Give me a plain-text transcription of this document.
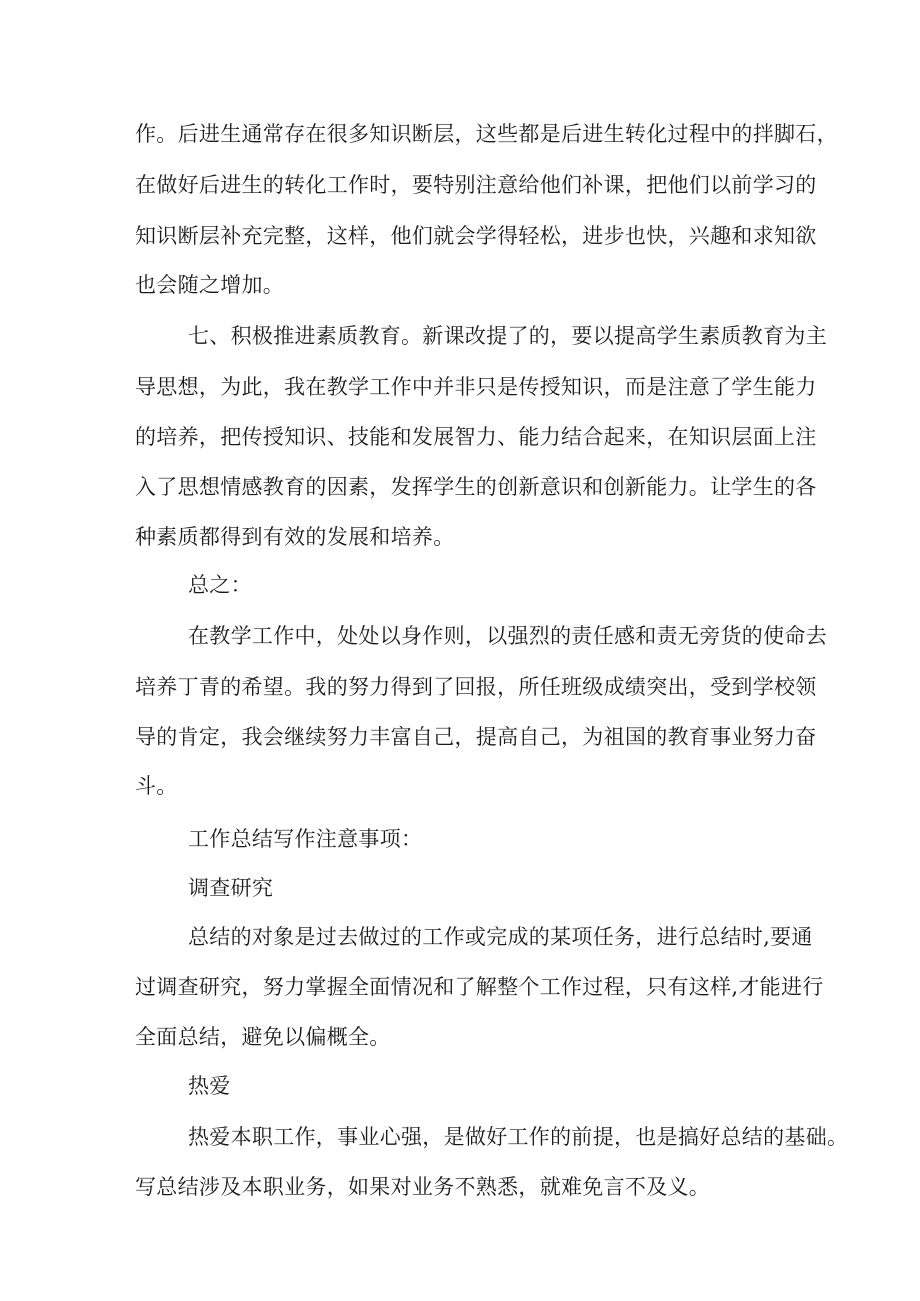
作。后进生通常存在很多知识断层，这些都是后进生转化过程中的拌脚石，

在做好后进生的转化工作时，要特别注意给他们补课，把他们以前学习的

知识断层补充完整，这样，他们就会学得轻松，进步也快，兴趣和求知欲

也会随之增加。

七、积极推进素质教育。新课改提了的，要以提高学生素质教育为主

导思想，为此，我在教学工作中并非只是传授知识，而是注意了学生能力

的培养，把传授知识、技能和发展智力、能力结合起来，在知识层面上注

入了思想情感教育的因素，发挥学生的创新意识和创新能力。让学生的各

种素质都得到有效的发展和培养。

总之：

在教学工作中，处处以身作则，以强烈的责任感和责无旁货的使命去

培养丁青的希望。我的努力得到了回报，所任班级成绩突出，受到学校领

导的肯定，我会继续努力丰富自己，提高自己，为祖国的教育事业努力奋

斗。

工作总结写作注意事项：

调查研究

总结的对象是过去做过的工作或完成的某项任务，进行总结时,要通

过调查研究，努力掌握全面情况和了解整个工作过程，只有这样,才能进行

全面总结，避免以偏概全。

热爱

热爱本职工作，事业心强，是做好工作的前提，也是搞好总结的基础。

写总结涉及本职业务，如果对业务不熟悉，就难免言不及义。
